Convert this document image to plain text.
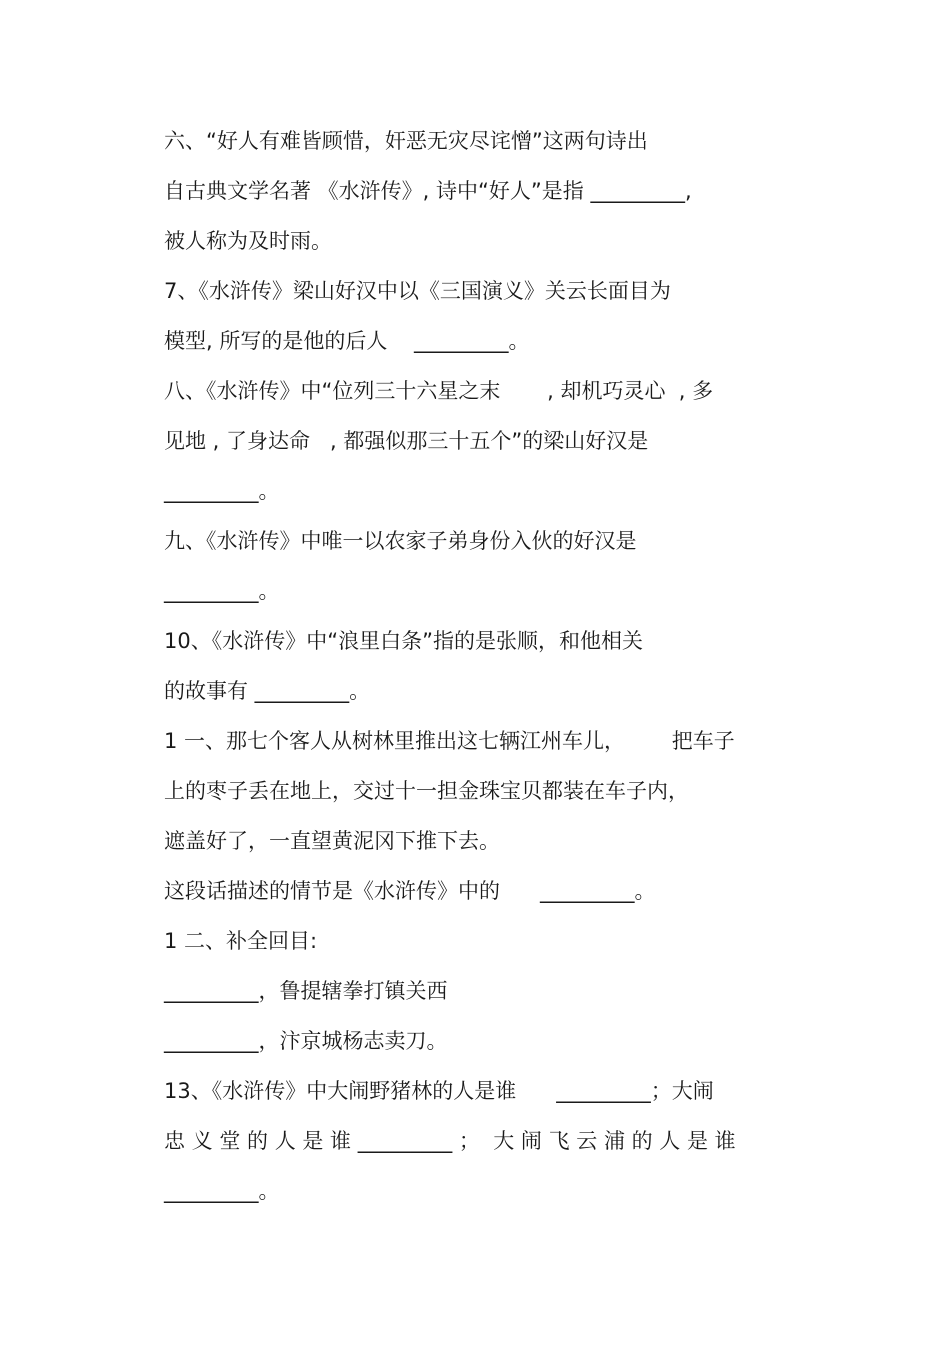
六、“好人有难皆顾惜，奸恶无灾尽诧憎”这两句诗出

自古典文学名著 《水浒传》, 诗中“好人”是指 _________,

被人称为及时雨。

7、《水浒传》梁山好汉中以《三国演义》关云长面目为

模型, 所写的是他的后人    _________。

八、《水浒传》中“位列三十六星之末       , 却机巧灵心  , 多

见地 , 了身达命   , 都强似那三十五个”的梁山好汉是

_________。

九、《水浒传》中唯一以农家子弟身份入伙的好汉是

_________。

10、《水浒传》中“浪里白条”指的是张顺，和他相关

的故事有 _________。

1 一、那七个客人从树林里推出这七辆江州车儿，       把车子

上的枣子丢在地上，交过十一担金珠宝贝都装在车子内，

遮盖好了，一直望黄泥冈下推下去。

这段话描述的情节是《水浒传》中的      _________。

1 二、补全回目:

_________，鲁提辖拳打镇关西

_________，汴京城杨志卖刀。

13、《水浒传》中大闹野猪林的人是谁      _________；大闹

忠 义 堂 的 人 是 谁 _________ ；  大 闹 飞 云 浦 的 人 是 谁

_________。
